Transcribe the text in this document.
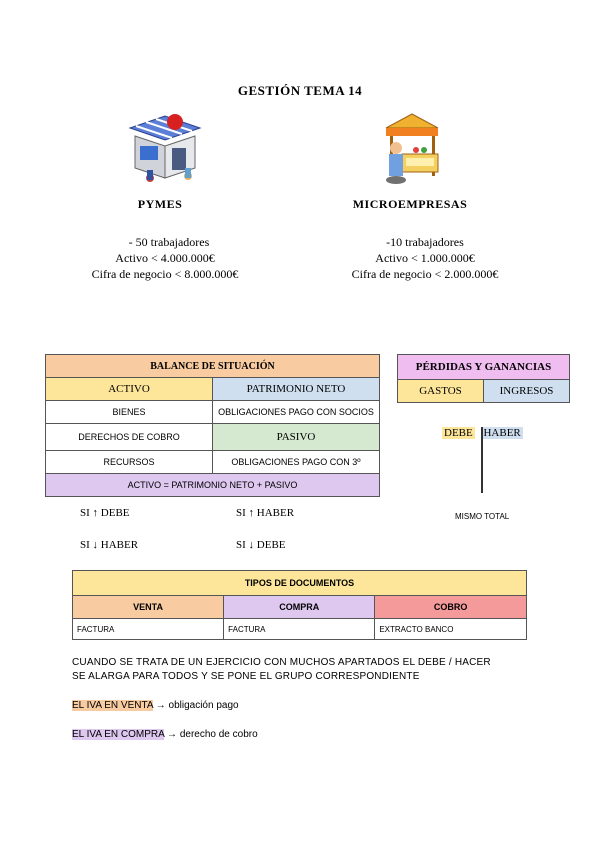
GESTIÓN TEMA 14
PYMES	MICROEMPRESAS
- 50 trabajadores
Activo < 4.000.000€
Cifra de negocio < 8.000.000€
-10 trabajadores
Activo < 1.000.000€
Cifra de negocio < 2.000.000€
BALANCE DE SITUACIÓN	
ACTIVO	PATRIMONIO NETO
BIENES	OBLIGACIONES PAGO CON SOCIOS
DERECHOS DE COBRO	PASIVO
RECURSOS	OBLIGACIONES PAGO CON 3º
ACTIVO = PATRIMONIO NETO + PASIVO	
PÉRDIDAS Y GANANCIAS
GASTOS	INGRESOS
DEBE HABER
MISMO TOTAL
SI ↑ DEBE	SI ↑ HABER
SI ↓ HABER	SI ↓ DEBE
TIPOS DE DOCUMENTOS		
VENTA	COMPRA	COBRO
FACTURA	FACTURA	EXTRACTO BANCO
CUANDO SE TRATA DE UN EJERCICIO CON MUCHOS APARTADOS EL DEBE / HACER
SE ALARGA PARA TODOS Y SE PONE EL GRUPO CORRESPONDIENTE
EL IVA EN VENTA → obligación pago
EL IVA EN COMPRA → derecho de cobro
